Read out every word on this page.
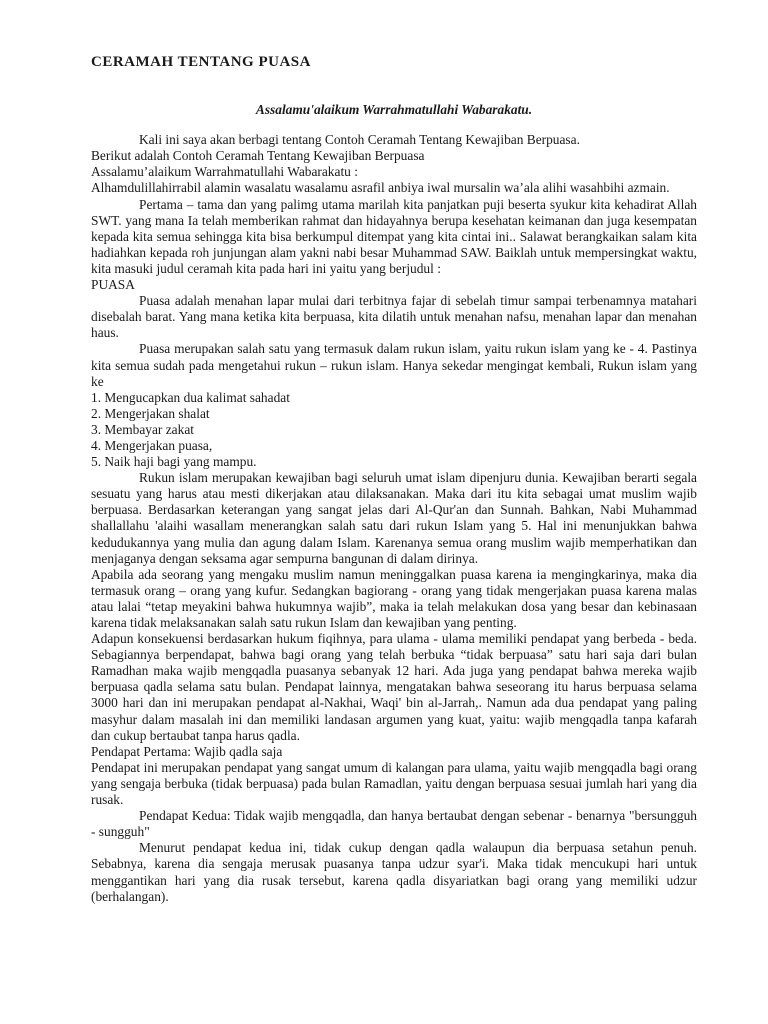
CERAMAH TENTANG PUASA
Assalamu'alaikum Warrahmatullahi Wabarakatu.

Kali ini saya akan berbagi tentang Contoh Ceramah Tentang Kewajiban Berpuasa.

Berikut adalah Contoh Ceramah Tentang Kewajiban Berpuasa

Assalamu’alaikum Warrahmatullahi Wabarakatu :

Alhamdulillahirrabil alamin wasalatu wasalamu asrafil anbiya iwal mursalin wa’ala alihi wasahbihi azmain.

Pertama – tama dan yang palimg utama marilah kita panjatkan puji beserta syukur kita kehadirat Allah SWT. yang mana Ia telah memberikan rahmat dan hidayahnya berupa kesehatan keimanan dan juga kesempatan kepada kita semua sehingga kita bisa berkumpul ditempat yang kita cintai ini.. Salawat berangkaikan salam kita hadiahkan kepada roh junjungan alam yakni nabi besar Muhammad SAW. Baiklah untuk mempersingkat waktu, kita masuki judul ceramah kita pada hari ini yaitu yang berjudul :

PUASA

Puasa adalah menahan lapar mulai dari terbitnya fajar di sebelah timur sampai terbenamnya matahari disebalah barat. Yang mana ketika kita berpuasa, kita dilatih untuk menahan nafsu, menahan lapar dan menahan haus.

Puasa merupakan salah satu yang termasuk dalam rukun islam, yaitu rukun islam yang ke - 4. Pastinya kita semua sudah pada mengetahui rukun – rukun islam. Hanya sekedar mengingat kembali, Rukun islam yang ke

1. Mengucapkan dua kalimat sahadat

2. Mengerjakan shalat

3. Membayar zakat

4. Mengerjakan puasa,

5. Naik haji bagi yang mampu.

Rukun islam merupakan kewajiban bagi seluruh umat islam dipenjuru dunia. Kewajiban berarti segala sesuatu yang harus atau mesti dikerjakan atau dilaksanakan. Maka dari itu kita sebagai umat muslim wajib berpuasa. Berdasarkan keterangan yang sangat jelas dari Al-Qur'an dan Sunnah. Bahkan, Nabi Muhammad shallallahu 'alaihi wasallam menerangkan salah satu dari rukun Islam yang 5. Hal ini menunjukkan bahwa kedudukannya yang mulia dan agung dalam Islam. Karenanya semua orang muslim wajib memperhatikan dan menjaganya dengan seksama agar sempurna bangunan di dalam dirinya.

Apabila ada seorang yang mengaku muslim namun meninggalkan puasa karena ia mengingkarinya, maka dia termasuk orang – orang yang kufur. Sedangkan bagiorang - orang yang tidak mengerjakan puasa karena malas atau lalai “tetap meyakini bahwa hukumnya wajib”, maka ia telah melakukan dosa yang besar dan kebinasaan karena tidak melaksanakan salah satu rukun Islam dan kewajiban yang penting.

Adapun konsekuensi berdasarkan hukum fiqihnya, para ulama - ulama memiliki pendapat yang berbeda - beda. Sebagiannya berpendapat, bahwa bagi orang yang telah berbuka “tidak berpuasa” satu hari saja dari bulan Ramadhan maka wajib mengqadla puasanya sebanyak 12 hari. Ada juga yang pendapat bahwa mereka wajib berpuasa qadla selama satu bulan. Pendapat lainnya, mengatakan bahwa seseorang itu harus berpuasa selama 3000 hari dan ini merupakan pendapat al-Nakhai, Waqi' bin al-Jarrah,. Namun ada dua pendapat yang paling masyhur dalam masalah ini dan memiliki landasan argumen yang kuat, yaitu: wajib mengqadla tanpa kafarah dan cukup bertaubat tanpa harus qadla.

Pendapat Pertama: Wajib qadla saja

Pendapat ini merupakan pendapat yang sangat umum di kalangan para ulama, yaitu wajib mengqadla bagi orang yang sengaja berbuka (tidak berpuasa) pada bulan Ramadlan, yaitu dengan berpuasa sesuai jumlah hari yang dia rusak.

Pendapat Kedua: Tidak wajib mengqadla, dan hanya bertaubat dengan sebenar - benarnya "bersungguh - sungguh"

Menurut pendapat kedua ini, tidak cukup dengan qadla walaupun dia berpuasa setahun penuh. Sebabnya, karena dia sengaja merusak puasanya tanpa udzur syar'i. Maka tidak mencukupi hari untuk menggantikan hari yang dia rusak tersebut, karena qadla disyariatkan bagi orang yang memiliki udzur (berhalangan).
